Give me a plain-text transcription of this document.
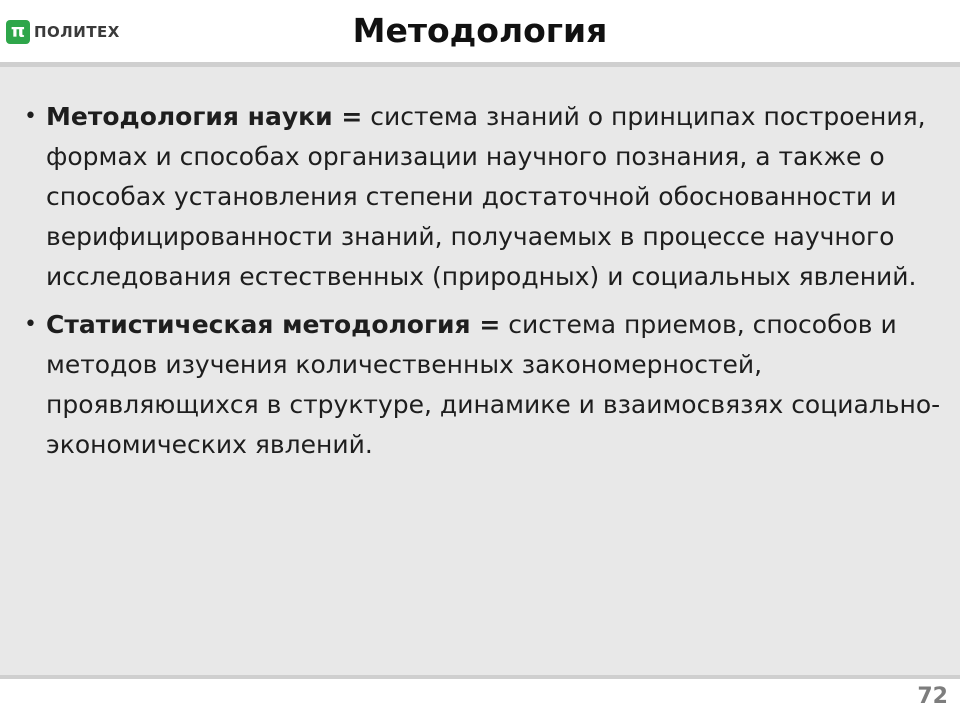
π ПОЛИТЕХ	Методология
• Методология науки = система знаний о принципах построения, формах и способах организации научного познания, а также о способах установления степени достаточной обоснованности и верифицированности знаний, получаемых в процессе научного исследования естественных (природных) и социальных явлений.
• Статистическая методология = система приемов, способов и методов изучения количественных закономерностей, проявляющихся в структуре, динамике и взаимосвязях социально-экономических явлений.
72
